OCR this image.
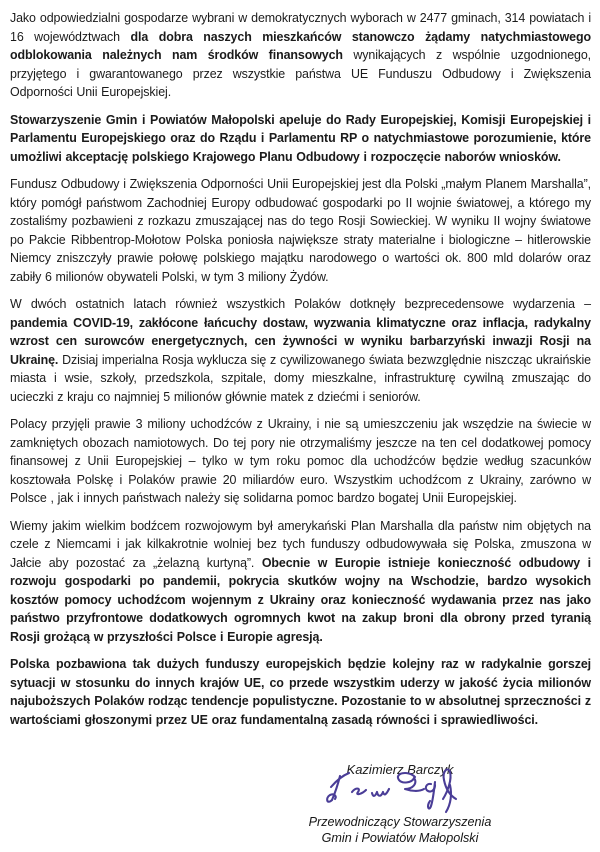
Jako odpowiedzialni gospodarze wybrani w demokratycznych wyborach w 2477 gminach, 314 powiatach i 16 województwach dla dobra naszych mieszkańców stanowczo żądamy natychmiastowego odblokowania należnych nam środków finansowych wynikających z wspólnie uzgodnionego, przyjętego i gwarantowanego przez wszystkie państwa UE Funduszu Odbudowy i Zwiększenia Odporności Unii Europejskiej.

Stowarzyszenie Gmin i Powiatów Małopolski apeluje do Rady Europejskiej, Komisji Europejskiej i Parlamentu Europejskiego oraz do Rządu i Parlamentu RP o natychmiastowe porozumienie, które umożliwi akceptację polskiego Krajowego Planu Odbudowy i rozpoczęcie naborów wniosków.

Fundusz Odbudowy i Zwiększenia Odporności Unii Europejskiej jest dla Polski „małym Planem Marshalla”, który pomógł państwom Zachodniej Europy odbudować gospodarki po II wojnie światowej, a którego my zostaliśmy pozbawieni z rozkazu zmuszającej nas do tego Rosji Sowieckiej. W wyniku II wojny światowe po Pakcie Ribbentrop-Mołotow Polska poniosła największe straty materialne i biologiczne – hitlerowskie Niemcy zniszczyły prawie połowę polskiego majątku narodowego o wartości ok. 800 mld dolarów oraz zabiły 6 milionów obywateli Polski, w tym 3 miliony Żydów.

W dwóch ostatnich latach również wszystkich Polaków dotknęły bezprecedensowe wydarzenia – pandemia COVID-19, zakłócone łańcuchy dostaw, wyzwania klimatyczne oraz inflacja, radykalny wzrost cen surowców energetycznych, cen żywności w wyniku barbarzyński inwazji Rosji na Ukrainę. Dzisiaj imperialna Rosja wyklucza się z cywilizowanego świata bezwzględnie niszcząc ukraińskie miasta i wsie, szkoły, przedszkola, szpitale, domy mieszkalne, infrastrukturę cywilną zmuszając do ucieczki z kraju co najmniej 5 milionów głównie matek z dziećmi i seniorów.

Polacy przyjęli prawie 3 miliony uchodźców z Ukrainy, i nie są umieszczeniu jak wszędzie na świecie w zamkniętych obozach namiotowych. Do tej pory nie otrzymaliśmy jeszcze na ten cel dodatkowej pomocy finansowej z Unii Europejskiej – tylko w tym roku pomoc dla uchodźców będzie według szacunków kosztowała Polskę i Polaków prawie 20 miliardów euro. Wszystkim uchodźcom z Ukrainy, zarówno w Polsce , jak i innych państwach należy się solidarna pomoc bardzo bogatej Unii Europejskiej.

Wiemy jakim wielkim bodźcem rozwojowym był amerykański Plan Marshalla dla państw nim objętych na czele z Niemcami i jak kilkakrotnie wolniej bez tych funduszy odbudowywała się Polska, zmuszona w Jałcie aby pozostać za „żelazną kurtyną”. Obecnie w Europie istnieje konieczność odbudowy i rozwoju gospodarki po pandemii, pokrycia skutków wojny na Wschodzie, bardzo wysokich kosztów pomocy uchodźcom wojennym z Ukrainy oraz konieczność wydawania przez nas jako państwo przyfrontowe dodatkowych ogromnych kwot na zakup broni dla obrony przed tyranią Rosji grożącą w przyszłości Polsce i Europie agresją.

Polska pozbawiona tak dużych funduszy europejskich będzie kolejny raz w radykalnie gorszej sytuacji w stosunku do innych krajów UE, co przede wszystkim uderzy w jakość życia milionów najuboższych Polaków rodząc tendencje populistyczne. Pozostanie to w absolutnej sprzeczności z wartościami głoszonymi przez UE oraz fundamentalną zasadą równości i sprawiedliwości.

Kazimierz Barczyk
Przewodniczący Stowarzyszenia
Gmin i Powiatów Małopolski
